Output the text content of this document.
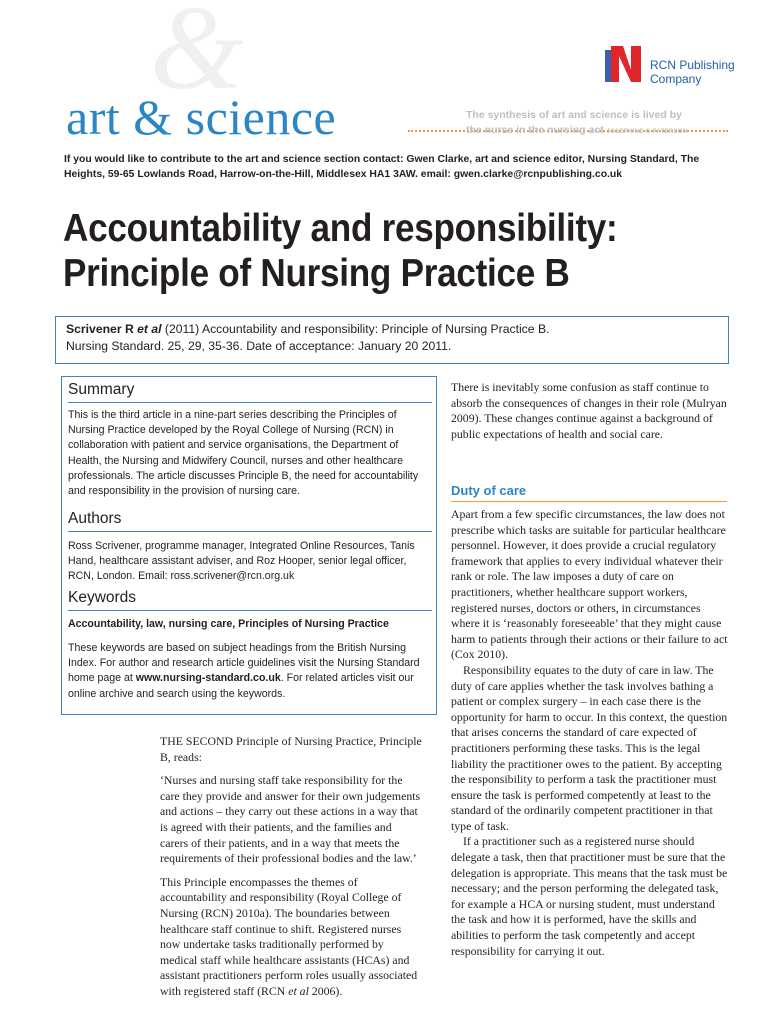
&
art & science	The synthesis of art and science is lived by
the nurse in the nursing act JOSEPHINE G PATERSON
RCN Publishing
Company
If you would like to contribute to the art and science section contact: Gwen Clarke, art and science editor, Nursing Standard, The Heights, 59-65 Lowlands Road, Harrow-on-the-Hill, Middlesex HA1 3AW. email: gwen.clarke@rcnpublishing.co.uk
Accountability and responsibility:
Principle of Nursing Practice B
Scrivener R et al (2011) Accountability and responsibility: Principle of Nursing Practice B.
Nursing Standard. 25, 29, 35-36. Date of acceptance: January 20 2011.
Summary
This is the third article in a nine-part series describing the Principles of Nursing Practice developed by the Royal College of Nursing (RCN) in collaboration with patient and service organisations, the Department of Health, the Nursing and Midwifery Council, nurses and other healthcare professionals. The article discusses Principle B, the need for accountability and responsibility in the provision of nursing care.
Authors
Ross Scrivener, programme manager, Integrated Online Resources, Tanis Hand, healthcare assistant adviser, and Roz Hooper, senior legal officer, RCN, London. Email: ross.scrivener@rcn.org.uk
Keywords
Accountability, law, nursing care, Principles of Nursing Practice
These keywords are based on subject headings from the British Nursing Index. For author and research article guidelines visit the Nursing Standard home page at www.nursing-standard.co.uk. For related articles visit our online archive and search using the keywords.

THE SECOND Principle of Nursing Practice, Principle B, reads:

‘Nurses and nursing staff take responsibility for the care they provide and answer for their own judgements and actions – they carry out these actions in a way that is agreed with their patients, and the families and carers of their patients, and in a way that meets the requirements of their professional bodies and the law.’

This Principle encompasses the themes of accountability and responsibility (Royal College of Nursing (RCN) 2010a). The boundaries between healthcare staff continue to shift. Registered nurses now undertake tasks traditionally performed by medical staff while healthcare assistants (HCAs) and assistant practitioners perform roles usually associated with registered staff (RCN et al 2006).

There is inevitably some confusion as staff continue to absorb the consequences of changes in their role (Mulryan 2009). These changes continue against a background of public expectations of health and social care.

Duty of care

Apart from a few specific circumstances, the law does not prescribe which tasks are suitable for particular healthcare personnel. However, it does provide a crucial regulatory framework that applies to every individual whatever their rank or role. The law imposes a duty of care on practitioners, whether healthcare support workers, registered nurses, doctors or others, in circumstances where it is ‘reasonably foreseeable’ that they might cause harm to patients through their actions or their failure to act (Cox 2010).

Responsibility equates to the duty of care in law. The duty of care applies whether the task involves bathing a patient or complex surgery – in each case there is the opportunity for harm to occur. In this context, the question that arises concerns the standard of care expected of practitioners performing these tasks. This is the legal liability the practitioner owes to the patient. By accepting the responsibility to perform a task the practitioner must ensure the task is performed competently at least to the standard of the ordinarily competent practitioner in that type of task.

If a practitioner such as a registered nurse should delegate a task, then that practitioner must be sure that the delegation is appropriate. This means that the task must be necessary; and the person performing the delegated task, for example a HCA or nursing student, must understand the task and how it is performed, have the skills and abilities to perform the task competently and accept responsibility for carrying it out.
